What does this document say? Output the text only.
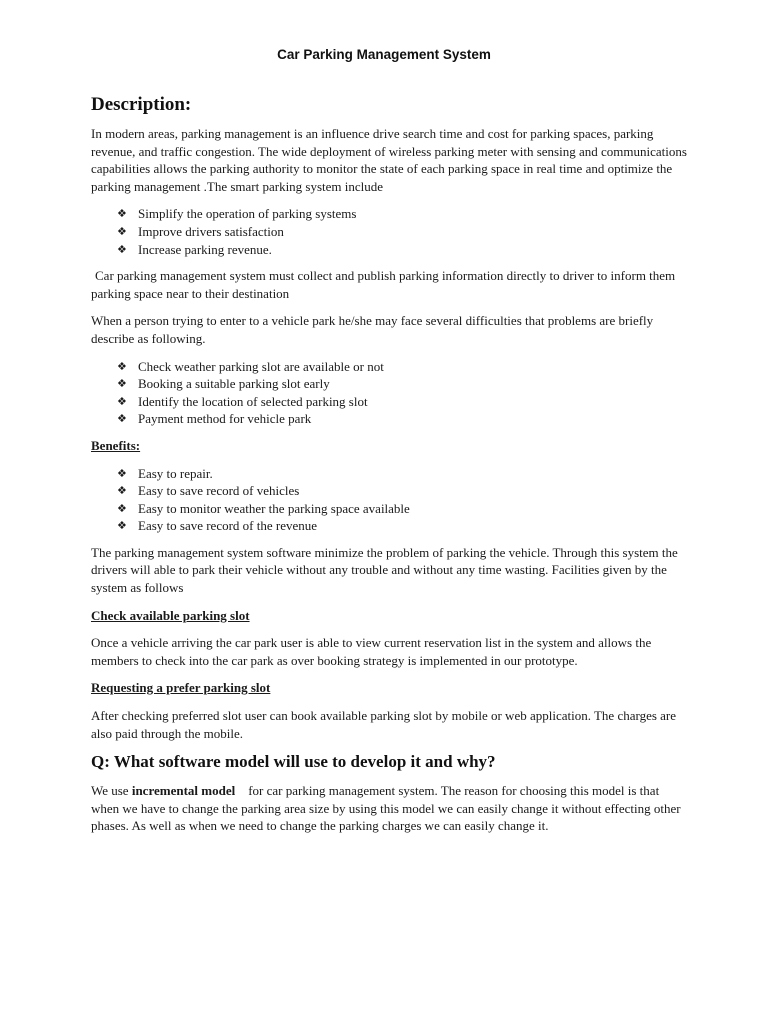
Car Parking Management System
Description:

In modern areas, parking management is an influence drive search time and cost for parking spaces, parking revenue, and traffic congestion. The wide deployment of wireless parking meter with sensing and communications capabilities allows the parking authority to monitor the state of each parking space in real time and optimize the parking management .The smart parking system include

❖ Simplify the operation of parking systems
❖ Improve drivers satisfaction
❖ Increase parking revenue.

Car parking management system must collect and publish parking information directly to driver to inform them parking space near to their destination

When a person trying to enter to a vehicle park he/she may face several difficulties that problems are briefly describe as following.

❖ Check weather parking slot are available or not
❖ Booking a suitable parking slot early
❖ Identify the location of selected parking slot
❖ Payment method for vehicle park
Benefits:
❖ Easy to repair.
❖ Easy to save record of vehicles
❖ Easy to monitor weather the parking space available
❖ Easy to save record of the revenue

The parking management system software minimize the problem of parking the vehicle. Through this system the drivers will able to park their vehicle without any trouble and without any time wasting. Facilities given by the system as follows

Check available parking slot

Once a vehicle arriving the car park user is able to view current reservation list in the system and allows the members to check into the car park as over booking strategy is implemented in our prototype.

Requesting a prefer parking slot

After checking preferred slot user can book available parking slot by mobile or web application. The charges are also paid through the mobile.

Q: What software model will use to develop it and why?

We use incremental model    for car parking management system. The reason for choosing this model is that when we have to change the parking area size by using this model we can easily change it without effecting other phases. As well as when we need to change the parking charges we can easily change it.
